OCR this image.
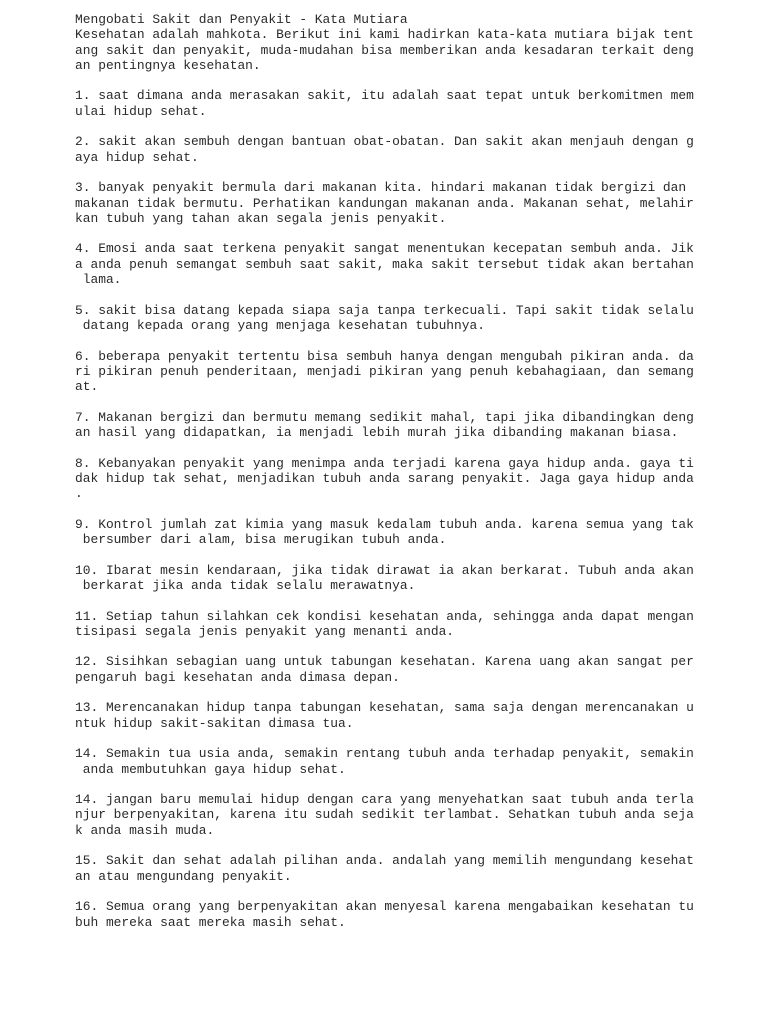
Mengobati Sakit dan Penyakit - Kata Mutiara
Kesehatan adalah mahkota. Berikut ini kami hadirkan kata-kata mutiara bijak tent
ang sakit dan penyakit, muda-mudahan bisa memberikan anda kesadaran terkait deng
an pentingnya kesehatan.
1. saat dimana anda merasakan sakit, itu adalah saat tepat untuk berkomitmen mem
ulai hidup sehat.
2. sakit akan sembuh dengan bantuan obat-obatan. Dan sakit akan menjauh dengan g
aya hidup sehat.
3. banyak penyakit bermula dari makanan kita. hindari makanan tidak bergizi dan
makanan tidak bermutu. Perhatikan kandungan makanan anda. Makanan sehat, melahir
kan tubuh yang tahan akan segala jenis penyakit.
4. Emosi anda saat terkena penyakit sangat menentukan kecepatan sembuh anda. Jik
a anda penuh semangat sembuh saat sakit, maka sakit tersebut tidak akan bertahan
lama.
5. sakit bisa datang kepada siapa saja tanpa terkecuali. Tapi sakit tidak selalu
datang kepada orang yang menjaga kesehatan tubuhnya.
6. beberapa penyakit tertentu bisa sembuh hanya dengan mengubah pikiran anda. da
ri pikiran penuh penderitaan, menjadi pikiran yang penuh kebahagiaan, dan semang
at.
7. Makanan bergizi dan bermutu memang sedikit mahal, tapi jika dibandingkan deng
an hasil yang didapatkan, ia menjadi lebih murah jika dibanding makanan biasa.
8. Kebanyakan penyakit yang menimpa anda terjadi karena gaya hidup anda. gaya ti
dak hidup tak sehat, menjadikan tubuh anda sarang penyakit. Jaga gaya hidup anda
.
9. Kontrol jumlah zat kimia yang masuk kedalam tubuh anda. karena semua yang tak
bersumber dari alam, bisa merugikan tubuh anda.
10. Ibarat mesin kendaraan, jika tidak dirawat ia akan berkarat. Tubuh anda akan
berkarat jika anda tidak selalu merawatnya.
11. Setiap tahun silahkan cek kondisi kesehatan anda, sehingga anda dapat mengan
tisipasi segala jenis penyakit yang menanti anda.
12. Sisihkan sebagian uang untuk tabungan kesehatan. Karena uang akan sangat per
pengaruh bagi kesehatan anda dimasa depan.
13. Merencanakan hidup tanpa tabungan kesehatan, sama saja dengan merencanakan u
ntuk hidup sakit-sakitan dimasa tua.
14. Semakin tua usia anda, semakin rentang tubuh anda terhadap penyakit, semakin
anda membutuhkan gaya hidup sehat.
14. jangan baru memulai hidup dengan cara yang menyehatkan saat tubuh anda terla
njur berpenyakitan, karena itu sudah sedikit terlambat. Sehatkan tubuh anda seja
k anda masih muda.
15. Sakit dan sehat adalah pilihan anda. andalah yang memilih mengundang kesehat
an atau mengundang penyakit.
16. Semua orang yang berpenyakitan akan menyesal karena mengabaikan kesehatan tu
buh mereka saat mereka masih sehat.
